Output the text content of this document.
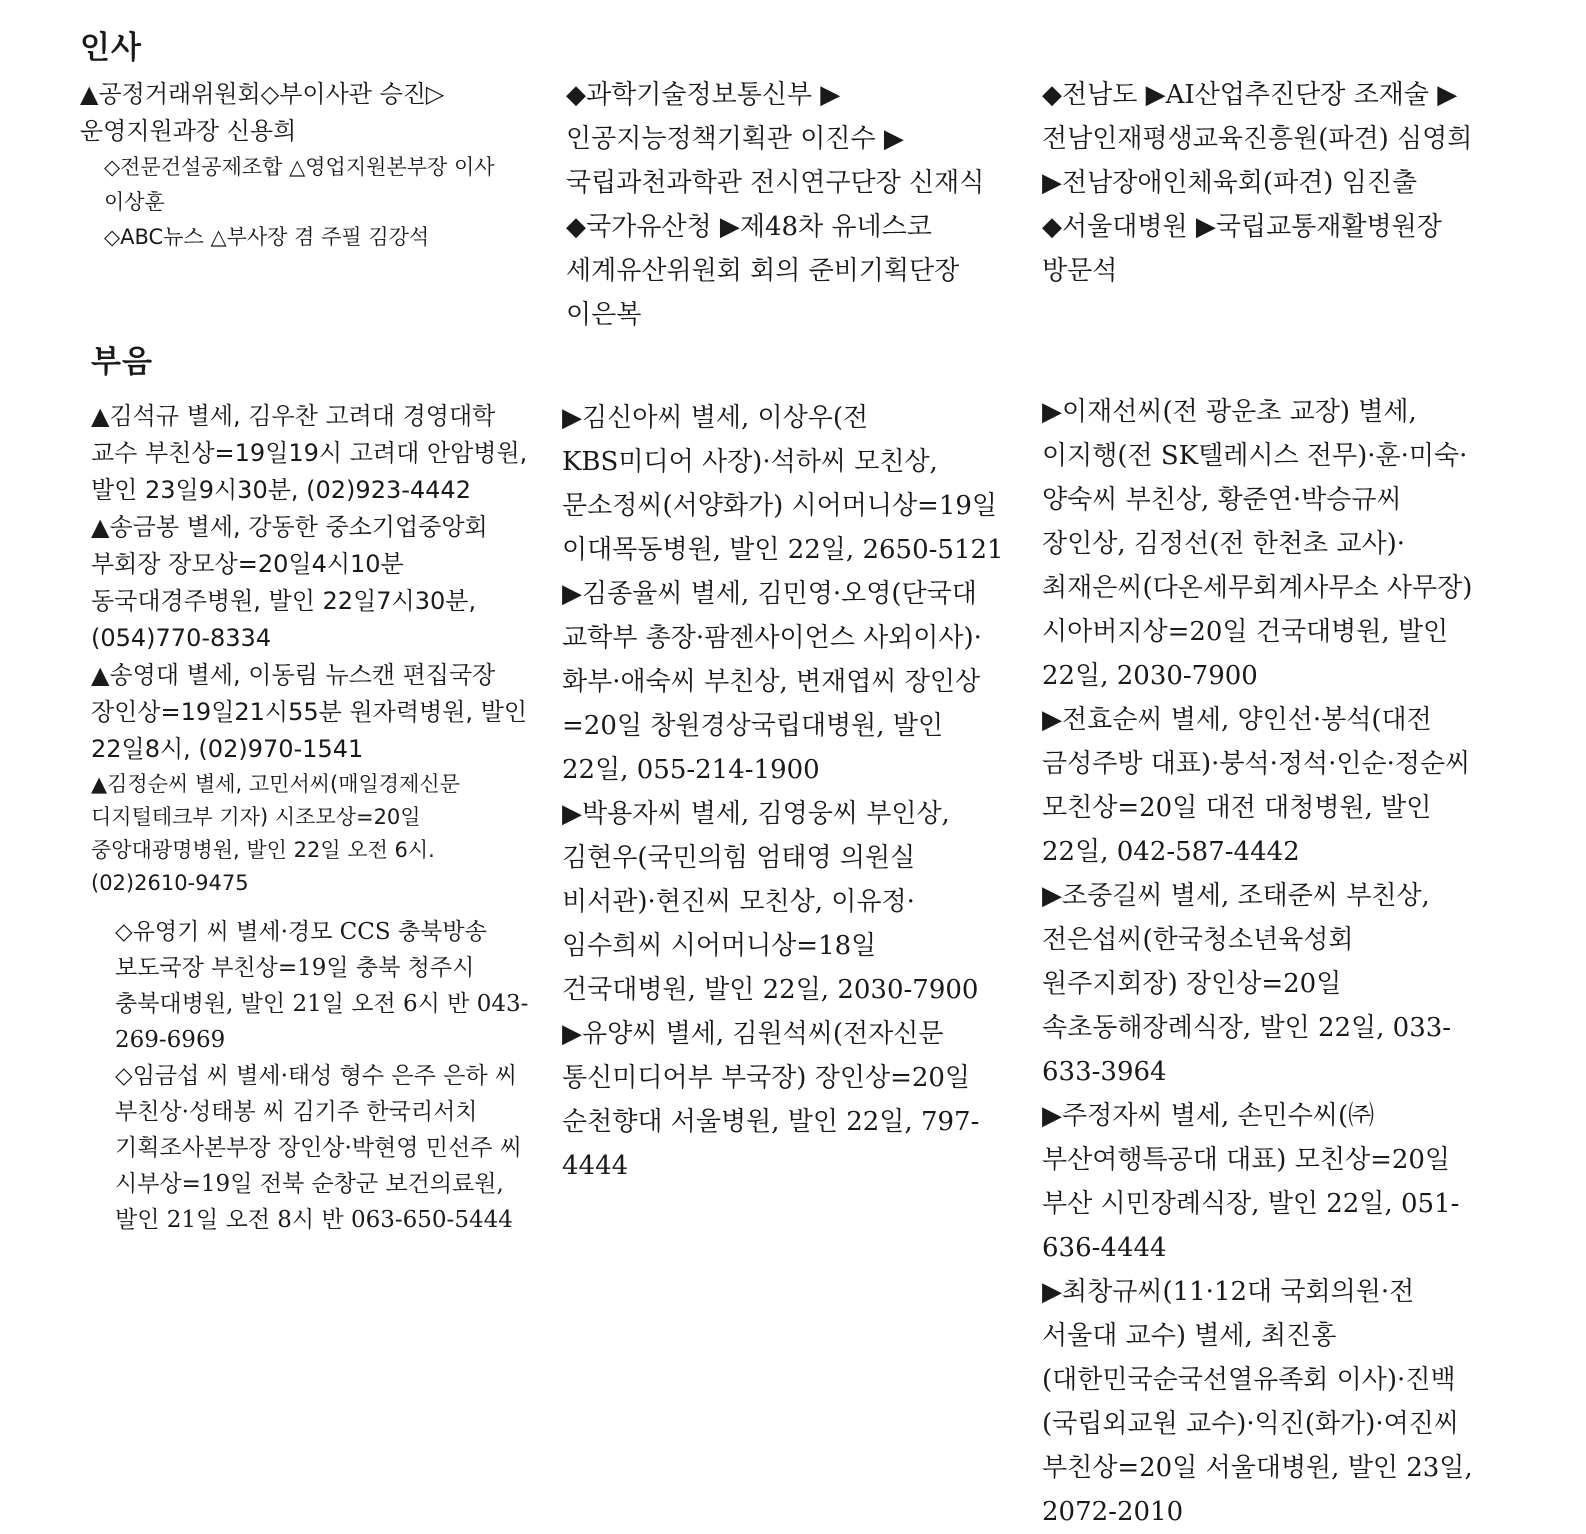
인사

▲공정거래위원회◇부이사관 승진▷운영지원과장 신용희

◇전문건설공제조합 △영업지원본부장 이사 이상훈

◇ABC뉴스 △부사장 겸 주필 김강석

◆과학기술정보통신부 ▶인공지능정책기획관 이진수 ▶국립과천과학관 전시연구단장 신재식

◆국가유산청 ▶제48차 유네스코 세계유산위원회 회의 준비기획단장 이은복

◆전남도 ▶AI산업추진단장 조재술 ▶전남인재평생교육진흥원(파견) 심영희 ▶전남장애인체육회(파견) 임진출

◆서울대병원 ▶국립교통재활병원장 방문석

부음

▲김석규 별세, 김우찬 고려대 경영대학 교수 부친상=19일19시 고려대 안암병원, 발인 23일9시30분, (02)923-4442

▲송금봉 별세, 강동한 중소기업중앙회 부회장 장모상=20일4시10분 동국대경주병원, 발인 22일7시30분, (054)770-8334

▲송영대 별세, 이동림 뉴스캔 편집국장 장인상=19일21시55분 원자력병원, 발인 22일8시, (02)970-1541

▲김정순씨 별세, 고민서씨(매일경제신문 디지털테크부 기자) 시조모상=20일 중앙대광명병원, 발인 22일 오전 6시. (02)2610-9475

◇유영기 씨 별세·경모 CCS 충북방송 보도국장 부친상=19일 충북 청주시 충북대병원, 발인 21일 오전 6시 반 043-269-6969

◇임금섭 씨 별세·태성 형수 은주 은하 씨 부친상·성태봉 씨 김기주 한국리서치 기획조사본부장 장인상·박현영 민선주 씨 시부상=19일 전북 순창군 보건의료원, 발인 21일 오전 8시 반 063-650-5444

▶김신아씨 별세, 이상우(전 KBS미디어 사장)·석하씨 모친상, 문소정씨(서양화가) 시어머니상=19일 이대목동병원, 발인 22일, 2650-5121

▶김종율씨 별세, 김민영·오영(단국대 교학부 총장·팜젠사이언스 사외이사)·화부·애숙씨 부친상, 변재엽씨 장인상=20일 창원경상국립대병원, 발인 22일, 055-214-1900

▶박용자씨 별세, 김영웅씨 부인상, 김현우(국민의힘 엄태영 의원실 비서관)·현진씨 모친상, 이유정·임수희씨 시어머니상=18일 건국대병원, 발인 22일, 2030-7900

▶유양씨 별세, 김원석씨(전자신문 통신미디어부 부국장) 장인상=20일 순천향대 서울병원, 발인 22일, 797-4444

▶이재선씨(전 광운초 교장) 별세, 이지행(전 SK텔레시스 전무)·훈·미숙·양숙씨 부친상, 황준연·박승규씨 장인상, 김정선(전 한천초 교사)·최재은씨(다온세무회계사무소 사무장) 시아버지상=20일 건국대병원, 발인 22일, 2030-7900

▶전효순씨 별세, 양인선·봉석(대전 금성주방 대표)·붕석·정석·인순·정순씨 모친상=20일 대전 대청병원, 발인 22일, 042-587-4442

▶조중길씨 별세, 조태준씨 부친상, 전은섭씨(한국청소년육성회 원주지회장) 장인상=20일 속초동해장례식장, 발인 22일, 033-633-3964

▶주정자씨 별세, 손민수씨(㈜부산여행특공대 대표) 모친상=20일 부산 시민장례식장, 발인 22일, 051-636-4444

▶최창규씨(11·12대 국회의원·전 서울대 교수) 별세, 최진홍(대한민국순국선열유족회 이사)·진백(국립외교원 교수)·익진(화가)·여진씨 부친상=20일 서울대병원, 발인 23일, 2072-2010
